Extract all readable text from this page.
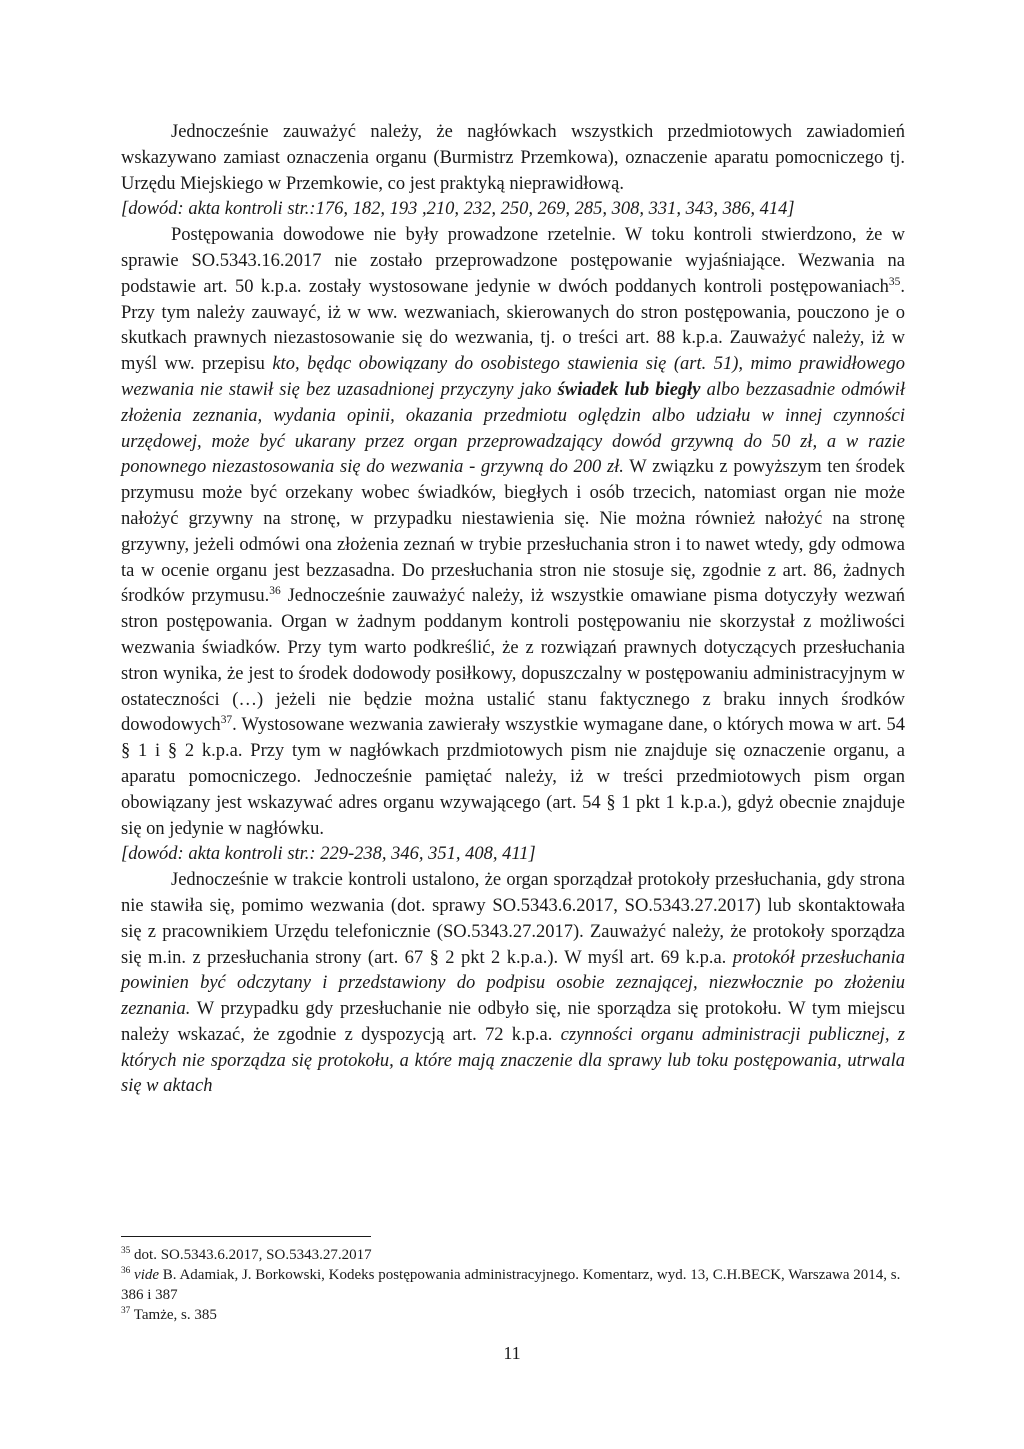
Jednocześnie zauważyć należy, że nagłówkach wszystkich przedmiotowych zawiadomień wskazywano zamiast oznaczenia organu (Burmistrz Przemkowa), oznaczenie aparatu pomocniczego tj. Urzędu Miejskiego w Przemkowie, co jest praktyką nieprawidłową.

[dowód: akta kontroli str.:176, 182, 193 ,210, 232, 250, 269, 285, 308, 331, 343, 386, 414]

Postępowania dowodowe nie były prowadzone rzetelnie. W toku kontroli stwierdzono, że w sprawie SO.5343.16.2017 nie zostało przeprowadzone postępowanie wyjaśniające. Wezwania na podstawie art. 50 k.p.a. zostały wystosowane jedynie w dwóch poddanych kontroli postępowaniach$^{35}$. Przy tym należy zauwayć, iż w ww. wezwaniach, skierowanych do stron postępowania, pouczono je o skutkach prawnych niezastosowanie się do wezwania, tj. o treści art. 88 k.p.a. Zauważyć należy, iż w myśl ww. przepisu kto, będąc obowiązany do osobistego stawienia się (art. 51), mimo prawidłowego wezwania nie stawił się bez uzasadnionej przyczyny jako świadek lub biegły albo bezzasadnie odmówił złożenia zeznania, wydania opinii, okazania przedmiotu oględzin albo udziału w innej czynności urzędowej, może być ukarany przez organ przeprowadzający dowód grzywną do 50 zł, a w razie ponownego niezastosowania się do wezwania - grzywną do 200 zł. W związku z powyższym ten środek przymusu może być orzekany wobec świadków, biegłych i osób trzecich, natomiast organ nie może nałożyć grzywny na stronę, w przypadku niestawienia się. Nie można również nałożyć na stronę grzywny, jeżeli odmówi ona złożenia zeznań w trybie przesłuchania stron i to nawet wtedy, gdy odmowa ta w ocenie organu jest bezzasadna. Do przesłuchania stron nie stosuje się, zgodnie z art. 86, żadnych środków przymusu.$^{36}$ Jednocześnie zauważyć należy, iż wszystkie omawiane pisma dotyczyły wezwań stron postępowania. Organ w żadnym poddanym kontroli postępowaniu nie skorzystał z możliwości wezwania świadków. Przy tym warto podkreślić, że z rozwiązań prawnych dotyczących przesłuchania stron wynika, że jest to środek dodowody posiłkowy, dopuszczalny w postępowaniu administracyjnym w ostateczności (…) jeżeli nie będzie można ustalić stanu faktycznego z braku innych środków dowodowych$^{37}$. Wystosowane wezwania zawierały wszystkie wymagane dane, o których mowa w art. 54 § 1 i § 2 k.p.a. Przy tym w nagłówkach przdmiotowych pism nie znajduje się oznaczenie organu, a aparatu pomocniczego. Jednocześnie pamiętać należy, iż w treści przedmiotowych pism organ obowiązany jest wskazywać adres organu wzywającego (art. 54 § 1 pkt 1 k.p.a.), gdyż obecnie znajduje się on jedynie w nagłówku.

[dowód: akta kontroli str.: 229-238, 346, 351, 408, 411]

Jednocześnie w trakcie kontroli ustalono, że organ sporządzał protokoły przesłuchania, gdy strona nie stawiła się, pomimo wezwania (dot. sprawy SO.5343.6.2017, SO.5343.27.2017) lub skontaktowała się z pracownikiem Urzędu telefonicznie (SO.5343.27.2017). Zauważyć należy, że protokoły sporządza się m.in. z przesłuchania strony (art. 67 § 2 pkt 2 k.p.a.). W myśl art. 69 k.p.a. protokół przesłuchania powinien być odczytany i przedstawiony do podpisu osobie zeznającej, niezwłocznie po złożeniu zeznania. W przypadku gdy przesłuchanie nie odbyło się, nie sporządza się protokołu. W tym miejscu należy wskazać, że zgodnie z dyspozycją art. 72 k.p.a. czynności organu administracji publicznej, z których nie sporządza się protokołu, a które mają znaczenie dla sprawy lub toku postępowania, utrwala się w aktach

$^{35}$ dot. SO.5343.6.2017, SO.5343.27.2017

$^{36}$ vide B. Adamiak, J. Borkowski, Kodeks postępowania administracyjnego. Komentarz, wyd. 13, C.H.BECK, Warszawa 2014, s. 386 i 387

$^{37}$ Tamże, s. 385

11
